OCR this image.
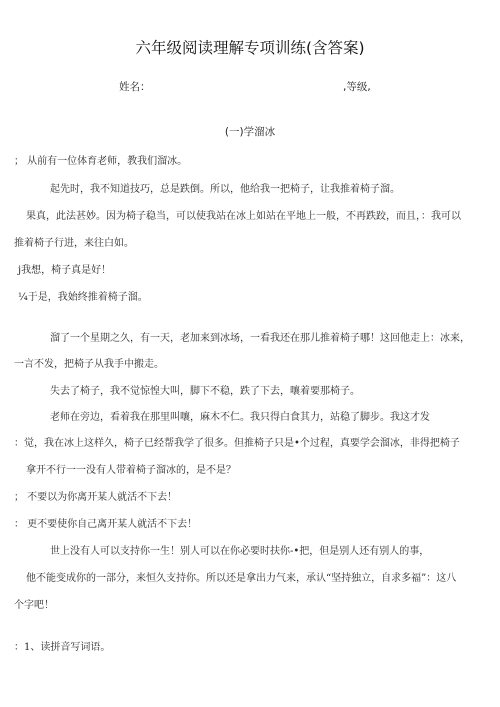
六年级阅读理解专项训练(含答案)
姓名：	,等级,
(一)学溜冰
； 从前有一位体育老师，教我们溜冰。
起先时，我不知道技巧，总是跌倒。所以，他给我一把椅子，让我推着椅子溜。
果真，此法甚妙。因为椅子稳当，可以使我站在冰上如站在平地上一般，不再跌跤，而且，：我可以
推着椅子行进，来往白如。
j我想，椅子真是好！
¼于是，我始终推着椅子溜。
溜了一个星期之久，有一天，老加来到冰场，一看我还在那儿推着椅子哪！这回他走上：冰来，
一言不发，把椅子从我手中搬走。
失去了椅子，我不觉惊惶大叫，脚下不稳，跌了下去，嚷着要那椅子。
老师在旁边，看着我在那里叫嚷，麻木不仁。我只得白食其力，站稳了脚步。我这才发
：觉，我在冰上这样久，椅子已经帮我学了很多。但推椅子只是•个过程，真要学会溜冰，非得把椅子
拿开不行一一没有人带着椅子溜冰的，是不是？
； 不要以为你离开某人就活不下去！
： 更不要使你自己离开某人就活不下去！
世上没有人可以支持你一生！别人可以在你必要时扶你-•把，但是别人还有别人的事，
他不能变成你的一部分，来恒久支持你。所以还是拿出力气来，承认“坚持独立，自求多福”：这八
个字吧！
：1、读拼音写词语。
